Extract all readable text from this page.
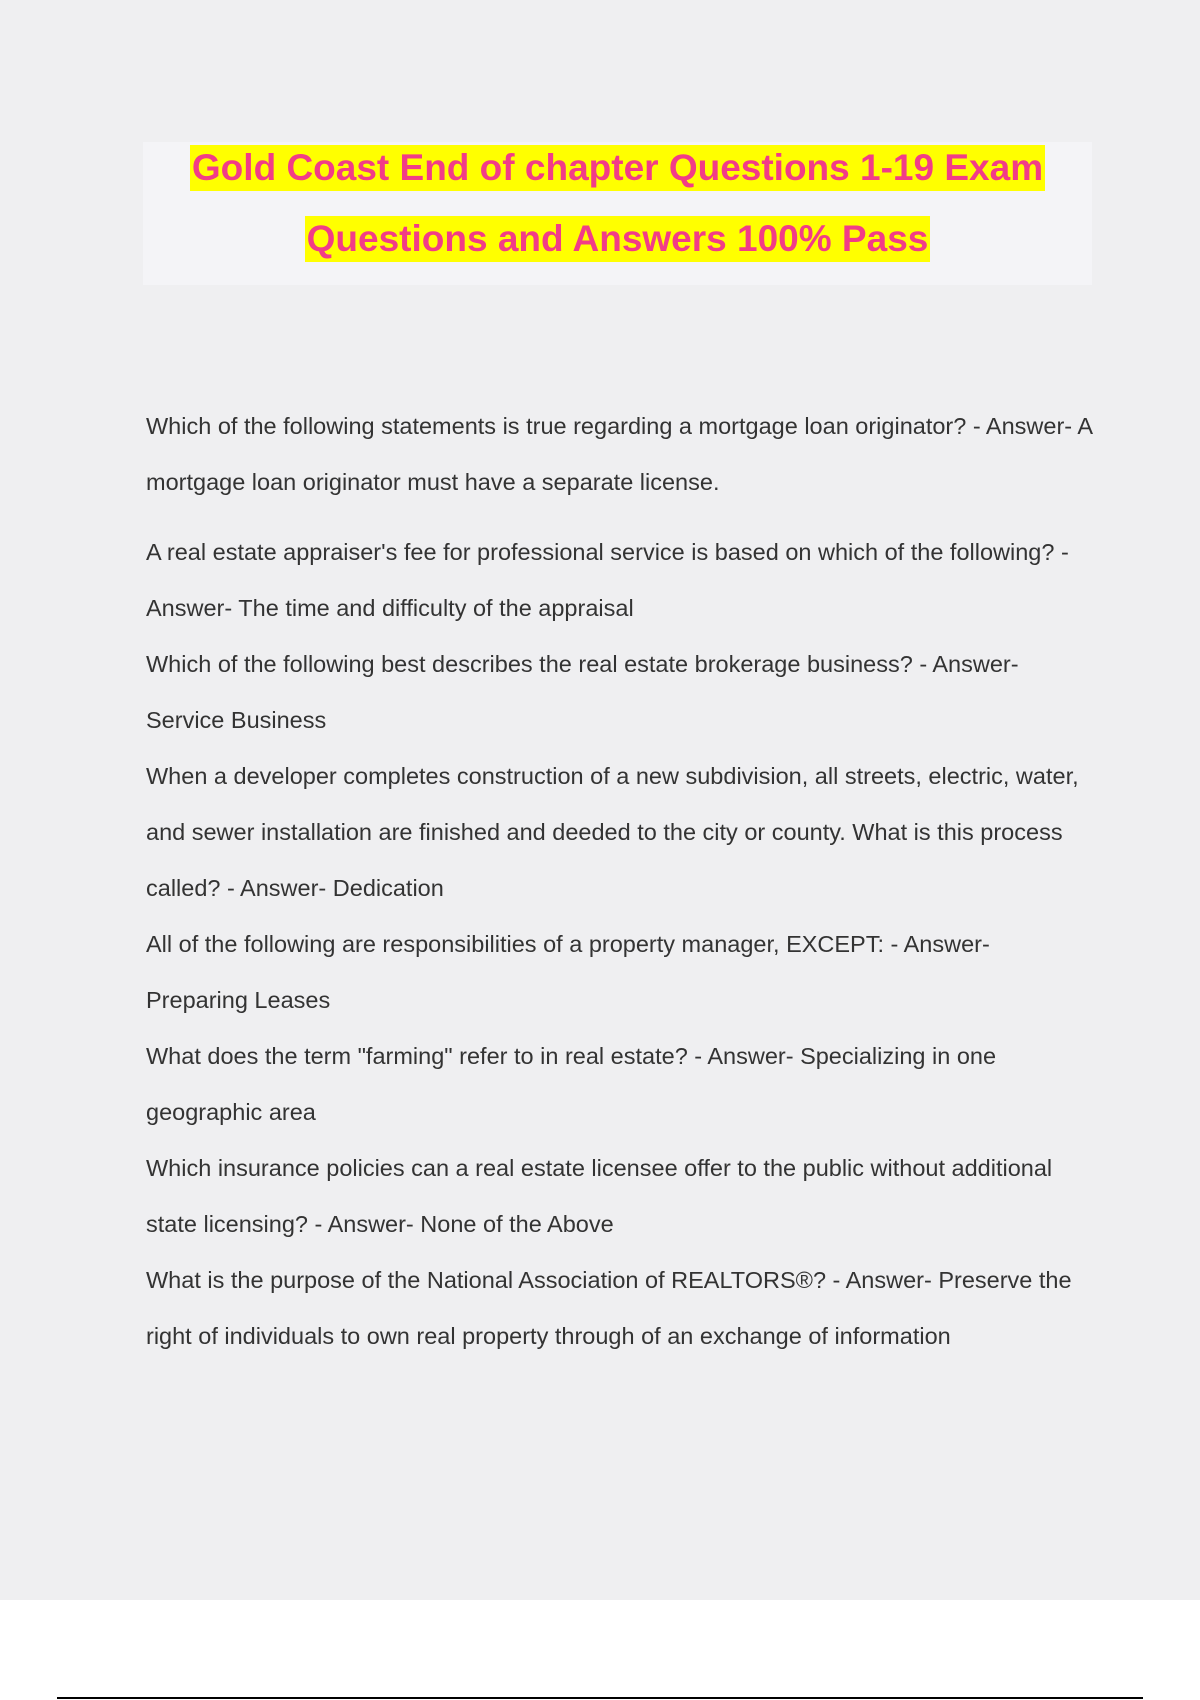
Gold Coast End of chapter Questions 1-19 Exam
Questions and Answers 100% Pass

Which of the following statements is true regarding a mortgage loan originator? - Answer- A mortgage loan originator must have a separate license.

A real estate appraiser's fee for professional service is based on which of the following? - Answer- The time and difficulty of the appraisal

Which of the following best describes the real estate brokerage business? - Answer- Service Business

When a developer completes construction of a new subdivision, all streets, electric, water, and sewer installation are finished and deeded to the city or county. What is this process called? - Answer- Dedication

All of the following are responsibilities of a property manager, EXCEPT: - Answer- Preparing Leases

What does the term "farming" refer to in real estate? - Answer- Specializing in one geographic area

Which insurance policies can a real estate licensee offer to the public without additional state licensing? - Answer- None of the Above

What is the purpose of the National Association of REALTORS®? - Answer- Preserve the right of individuals to own real property through of an exchange of information
